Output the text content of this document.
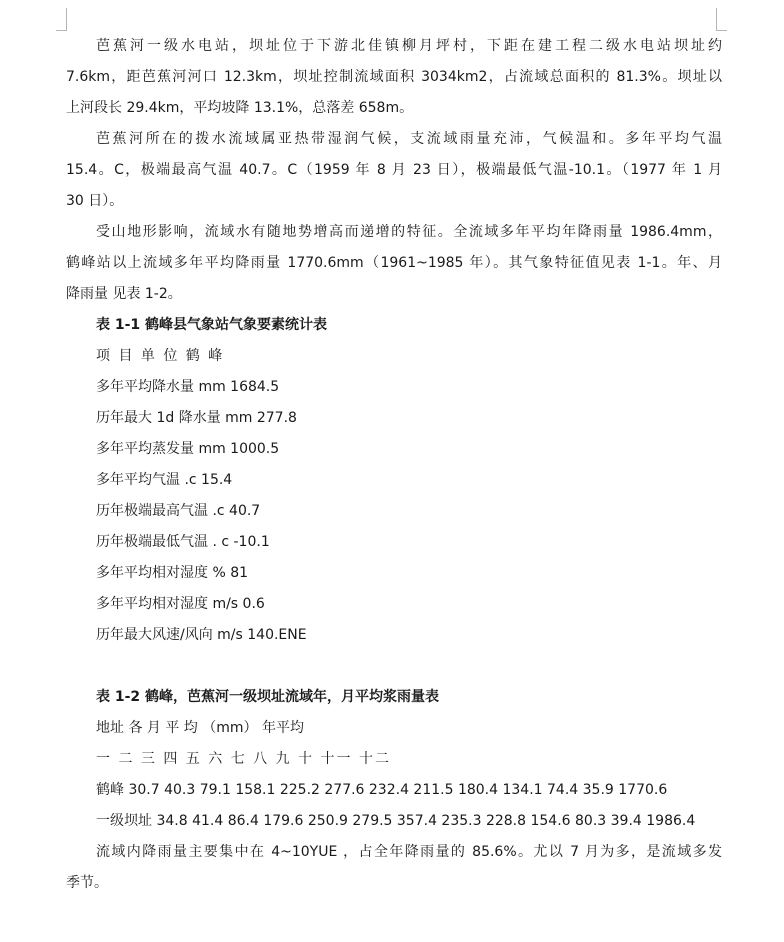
芭蕉河一级水电站，坝址位于下游北佳镇柳月坪村，下距在建工程二级水电站坝址约
7.6km，距芭蕉河河口 12.3km，坝址控制流域面积 3034km2，占流域总面积的 81.3%。坝址以
上河段长 29.4km，平均坡降 13.1%，总落差 658m。
芭蕉河所在的拨水流域属亚热带湿润气候，支流域雨量充沛，气候温和。多年平均气温
15.4。C，极端最高气温 40.7。C（1959 年 8 月 23 日），极端最低气温-10.1。（1977 年 1 月
30 日）。
受山地形影响，流域水有随地势增高而递增的特征。全流域多年平均年降雨量 1986.4mm，
鹤峰站以上流域多年平均降雨量 1770.6mm（1961~1985 年）。其气象特征值见表 1-1。年、月
降雨量 见表 1-2。
表 1-1 鹤峰县气象站气象要素统计表
项 目 单 位 鹤 峰
多年平均降水量 mm 1684.5
历年最大 1d 降水量 mm 277.8
多年平均蒸发量 mm 1000.5
多年平均气温 .c 15.4
历年极端最高气温 .c 40.7
历年极端最低气温 . c -10.1
多年平均相对湿度 % 81
多年平均相对湿度 m/s 0.6
历年最大风速/风向 m/s 140.ENE
表 1-2 鹤峰，芭蕉河一级坝址流域年，月平均浆雨量表
地址 各 月 平 均 （mm） 年平均
一 二 三 四 五 六 七 八 九 十 十一 十二
鹤峰 30.7 40.3 79.1 158.1 225.2 277.6 232.4 211.5 180.4 134.1 74.4 35.9 1770.6
一级坝址 34.8 41.4 86.4 179.6 250.9 279.5 357.4 235.3 228.8 154.6 80.3 39.4 1986.4
流域内降雨量主要集中在 4~10YUE ，占全年降雨量的 85.6%。尤以 7 月为多，是流域多发
季节。
